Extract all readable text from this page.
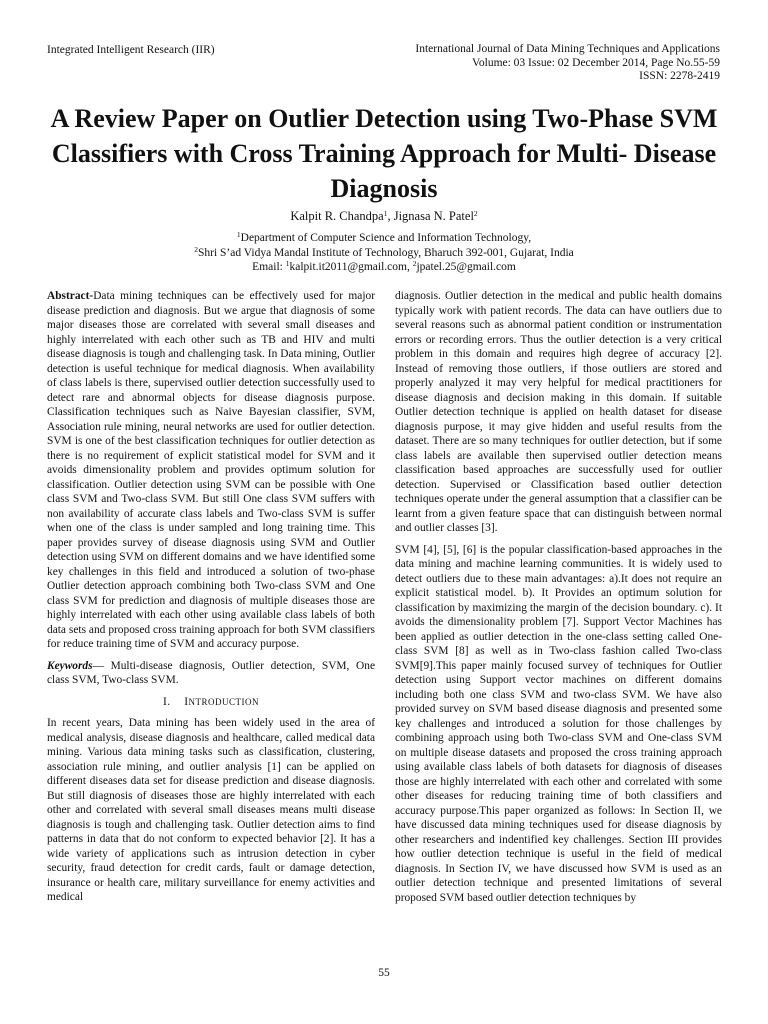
Integrated Intelligent Research (IIR)	International Journal of Data Mining Techniques and Applications
Volume: 03 Issue: 02 December 2014, Page No.55-59
ISSN: 2278-2419
A Review Paper on Outlier Detection using Two-Phase SVM Classifiers with Cross Training Approach for Multi- Disease Diagnosis
Kalpit R. Chandpa$^1$, Jignasa N. Patel$^2$
$^1$Department of Computer Science and Information Technology,
$^2$Shri S’ad Vidya Mandal Institute of Technology, Bharuch 392-001, Gujarat, India
Email: $^1$kalpit.it2011@gmail.com, $^2$jpatel.25@gmail.com

Abstract-Data mining techniques can be effectively used for major disease prediction and diagnosis. But we argue that diagnosis of some major diseases those are correlated with several small diseases and highly interrelated with each other such as TB and HIV and multi disease diagnosis is tough and challenging task. In Data mining, Outlier detection is useful technique for medical diagnosis. When availability of class labels is there, supervised outlier detection successfully used to detect rare and abnormal objects for disease diagnosis purpose. Classification techniques such as Naive Bayesian classifier, SVM, Association rule mining, neural networks are used for outlier detection. SVM is one of the best classification techniques for outlier detection as there is no requirement of explicit statistical model for SVM and it avoids dimensionality problem and provides optimum solution for classification. Outlier detection using SVM can be possible with One class SVM and Two-class SVM. But still One class SVM suffers with non availability of accurate class labels and Two-class SVM is suffer when one of the class is under sampled and long training time. This paper provides survey of disease diagnosis using SVM and Outlier detection using SVM on different domains and we have identified some key challenges in this field and introduced a solution of two-phase Outlier detection approach combining both Two-class SVM and One class SVM for prediction and diagnosis of multiple diseases those are highly interrelated with each other using available class labels of both data sets and proposed cross training approach for both SVM classifiers for reduce training time of SVM and accuracy purpose.

Keywords— Multi-disease diagnosis, Outlier detection, SVM, One class SVM, Two-class SVM.

I. INTRODUCTION

In recent years, Data mining has been widely used in the area of medical analysis, disease diagnosis and healthcare, called medical data mining. Various data mining tasks such as classification, clustering, association rule mining, and outlier analysis [1] can be applied on different diseases data set for disease prediction and disease diagnosis. But still diagnosis of diseases those are highly interrelated with each other and correlated with several small diseases means multi disease diagnosis is tough and challenging task. Outlier detection aims to find patterns in data that do not conform to expected behavior [2]. It has a wide variety of applications such as intrusion detection in cyber security, fraud detection for credit cards, fault or damage detection, insurance or health care, military surveillance for enemy activities and medical

diagnosis. Outlier detection in the medical and public health domains typically work with patient records. The data can have outliers due to several reasons such as abnormal patient condition or instrumentation errors or recording errors. Thus the outlier detection is a very critical problem in this domain and requires high degree of accuracy [2]. Instead of removing those outliers, if those outliers are stored and properly analyzed it may very helpful for medical practitioners for disease diagnosis and decision making in this domain. If suitable Outlier detection technique is applied on health dataset for disease diagnosis purpose, it may give hidden and useful results from the dataset. There are so many techniques for outlier detection, but if some class labels are available then supervised outlier detection means classification based approaches are successfully used for outlier detection. Supervised or Classification based outlier detection techniques operate under the general assumption that a classifier can be learnt from a given feature space that can distinguish between normal and outlier classes [3].

SVM [4], [5], [6] is the popular classification-based approaches in the data mining and machine learning communities. It is widely used to detect outliers due to these main advantages: a).It does not require an explicit statistical model. b). It Provides an optimum solution for classification by maximizing the margin of the decision boundary. c). It avoids the dimensionality problem [7]. Support Vector Machines has been applied as outlier detection in the one-class setting called One-class SVM [8] as well as in Two-class fashion called Two-class SVM[9].This paper mainly focused survey of techniques for Outlier detection using Support vector machines on different domains including both one class SVM and two-class SVM. We have also provided survey on SVM based disease diagnosis and presented some key challenges and introduced a solution for those challenges by combining approach using both Two-class SVM and One-class SVM on multiple disease datasets and proposed the cross training approach using available class labels of both datasets for diagnosis of diseases those are highly interrelated with each other and correlated with some other diseases for reducing training time of both classifiers and accuracy purpose.This paper organized as follows: In Section II, we have discussed data mining techniques used for disease diagnosis by other researchers and indentified key challenges. Section III provides how outlier detection technique is useful in the field of medical diagnosis. In Section IV, we have discussed how SVM is used as an outlier detection technique and presented limitations of several proposed SVM based outlier detection techniques by

55
